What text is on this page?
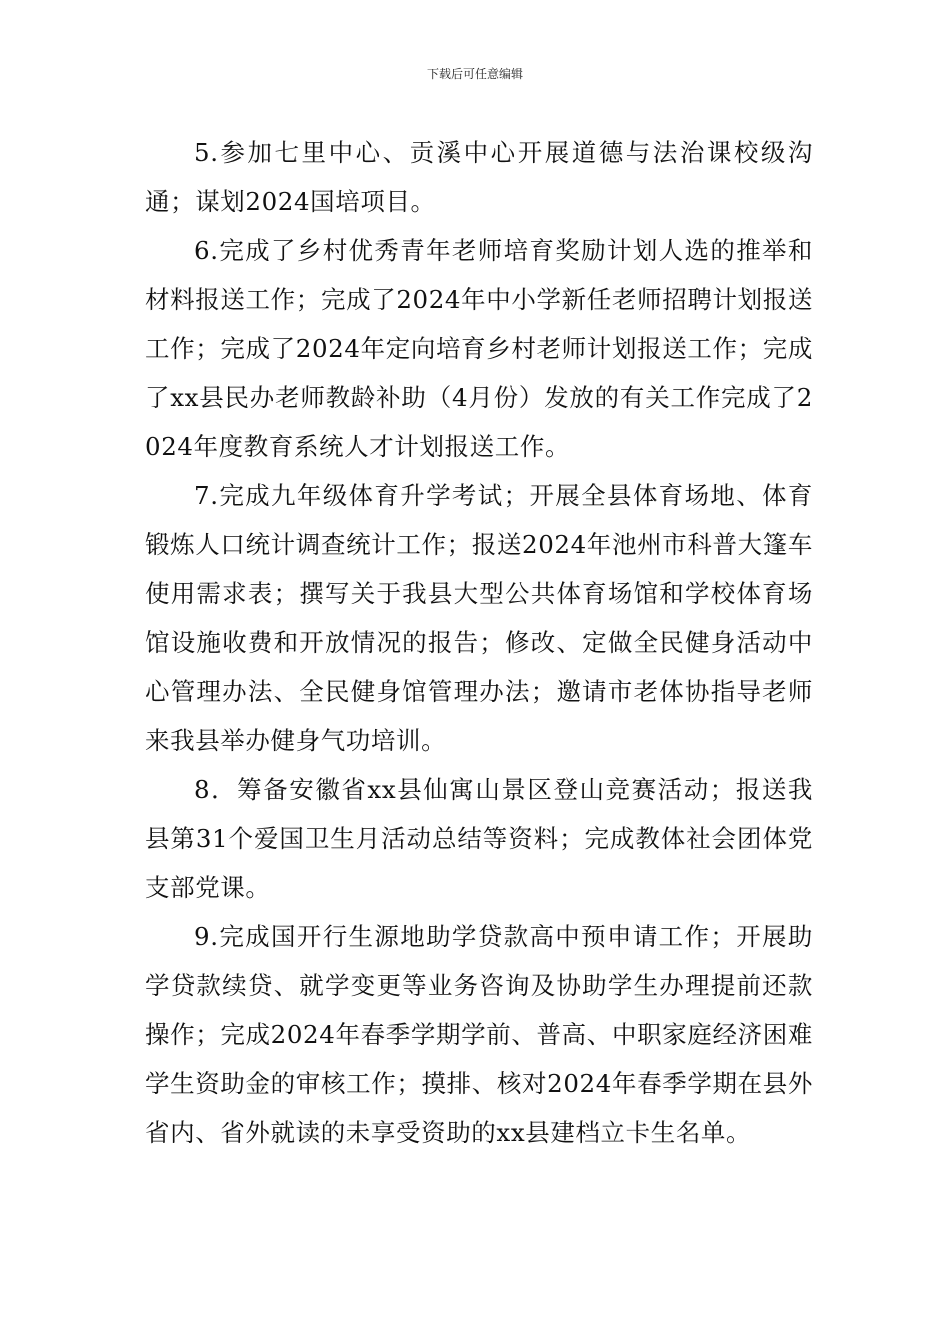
下载后可任意编辑

5.参加七里中心、贡溪中心开展道德与法治课校级沟通；谋划2024国培项目。

6.完成了乡村优秀青年老师培育奖励计划人选的推举和材料报送工作；完成了2024年中小学新任老师招聘计划报送工作；完成了2024年定向培育乡村老师计划报送工作；完成了xx县民办老师教龄补助（4月份）发放的有关工作完成了2024年度教育系统人才计划报送工作。

7.完成九年级体育升学考试；开展全县体育场地、体育锻炼人口统计调查统计工作；报送2024年池州市科普大篷车使用需求表；撰写关于我县大型公共体育场馆和学校体育场馆设施收费和开放情况的报告；修改、定做全民健身活动中心管理办法、全民健身馆管理办法；邀请市老体协指导老师来我县举办健身气功培训。

8．筹备安徽省xx县仙寓山景区登山竞赛活动；报送我县第31个爱国卫生月活动总结等资料；完成教体社会团体党支部党课。

9.完成国开行生源地助学贷款高中预申请工作；开展助学贷款续贷、就学变更等业务咨询及协助学生办理提前还款操作；完成2024年春季学期学前、普高、中职家庭经济困难学生资助金的审核工作；摸排、核对2024年春季学期在县外省内、省外就读的未享受资助的xx县建档立卡生名单。
